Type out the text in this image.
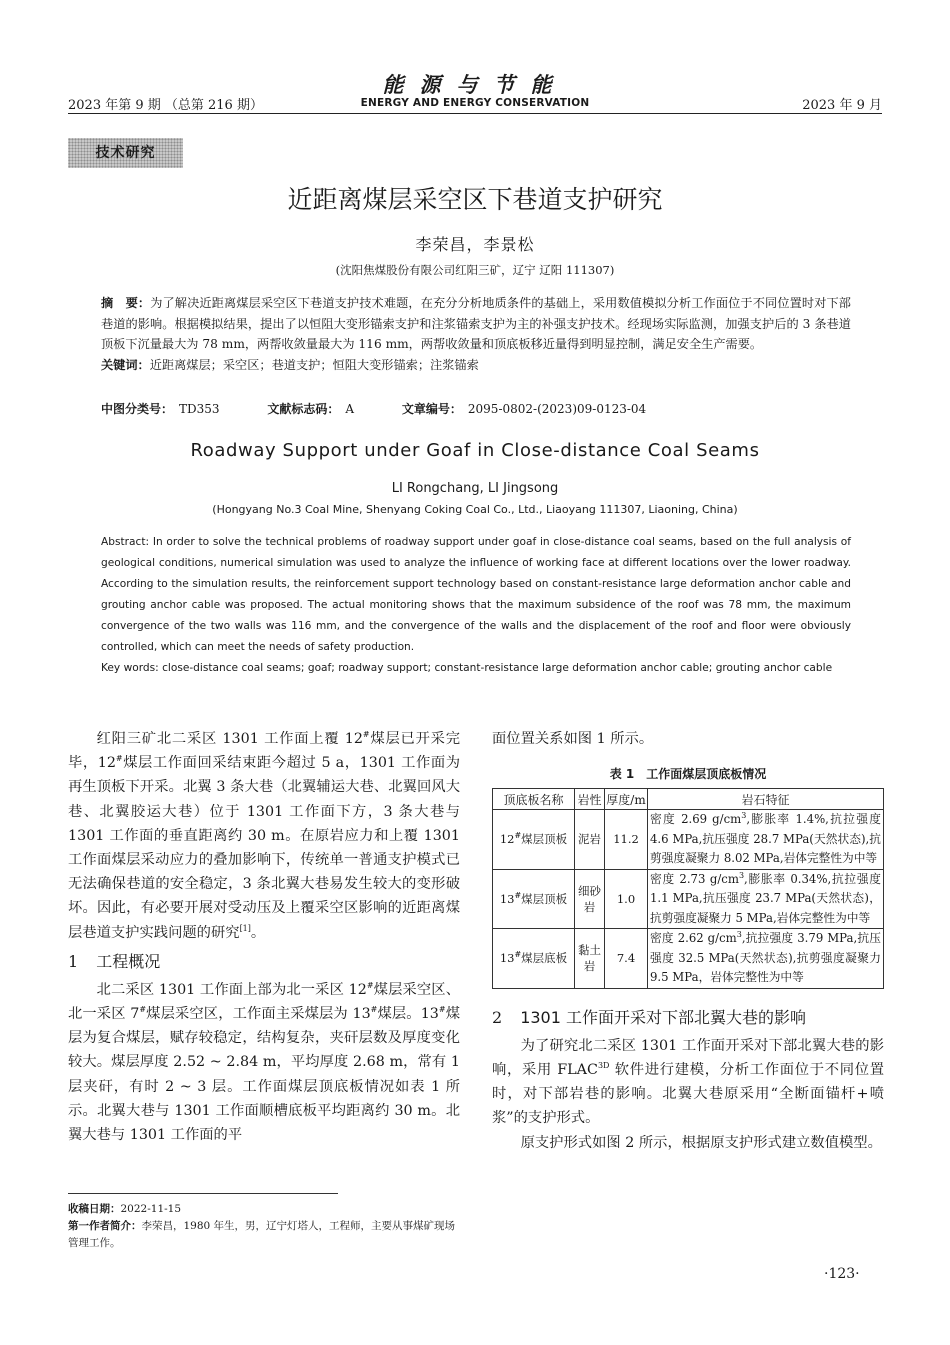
2023 年第 9 期 （总第 216 期）
能源与节能
ENERGY AND ENERGY CONSERVATION	2023 年 9 月
技术研究
近距离煤层采空区下巷道支护研究
李荣昌，李景松
(沈阳焦煤股份有限公司红阳三矿，辽宁 辽阳 111307)
摘　要：为了解决近距离煤层采空区下巷道支护技术难题，在充分分析地质条件的基础上，采用数值模拟分析工作面位于不同位置时对下部巷道的影响。根据模拟结果，提出了以恒阻大变形锚索支护和注浆锚索支护为主的补强支护技术。经现场实际监测，加强支护后的 3 条巷道顶板下沉量最大为 78 mm，两帮收敛量最大为 116 mm，两帮收敛量和顶底板移近量得到明显控制，满足安全生产需要。
关键词：近距离煤层；采空区；巷道支护；恒阻大变形锚索；注浆锚索
中图分类号： TD353	文献标志码： A	文章编号： 2095-0802-(2023)09-0123-04
Roadway Support under Goaf in Close-distance Coal Seams
LI Rongchang, LI Jingsong
(Hongyang No.3 Coal Mine, Shenyang Coking Coal Co., Ltd., Liaoyang 111307, Liaoning, China)
Abstract: In order to solve the technical problems of roadway support under goaf in close-distance coal seams, based on the full analysis of geological conditions, numerical simulation was used to analyze the influence of working face at different locations over the lower roadway. According to the simulation results, the reinforcement support technology based on constant-resistance large deformation anchor cable and grouting anchor cable was proposed. The actual monitoring shows that the maximum subsidence of the roof was 78 mm, the maximum convergence of the two walls was 116 mm, and the convergence of the walls and the displacement of the roof and floor were obviously controlled, which can meet the needs of safety production.
Key words: close-distance coal seams; goaf; roadway support; constant-resistance large deformation anchor cable; grouting anchor cable

红阳三矿北二采区 1301 工作面上覆 12#煤层已开采完毕，12#煤层工作面回采结束距今超过 5 a，1301 工作面为再生顶板下开采。北翼 3 条大巷（北翼辅运大巷、北翼回风大巷、北翼胶运大巷）位于 1301 工作面下方，3 条大巷与 1301 工作面的垂直距离约 30 m。在原岩应力和上覆 1301 工作面煤层采动应力的叠加影响下，传统单一普通支护模式已无法确保巷道的安全稳定，3 条北翼大巷易发生较大的变形破坏。因此，有必要开展对受动压及上覆采空区影响的近距离煤层巷道支护实践问题的研究[1]。

1 工程概况

北二采区 1301 工作面上部为北一采区 12#煤层采空区、北一采区 7#煤层采空区，工作面主采煤层为 13#煤层。13#煤层为复合煤层，赋存较稳定，结构复杂，夹矸层数及厚度变化较大。煤层厚度 2.52 ~ 2.84 m，平均厚度 2.68 m，常有 1 层夹矸，有时 2 ~ 3 层。工作面煤层顶底板情况如表 1 所示。北翼大巷与 1301 工作面顺槽底板平均距离约 30 m。北翼大巷与 1301 工作面的平

面位置关系如图 1 所示。

表 1　工作面煤层顶底板情况
顶底板名称	岩性	厚度/m	岩石特征
12#煤层顶板	泥岩	11.2	密度 2.69 $g/cm^3$,膨胀率 1.4%,抗拉强度 4.6 MPa,抗压强度 28.7 MPa(天然状态),抗剪强度凝聚力 8.02 MPa,岩体完整性为中等
13#煤层顶板	细砂岩	1.0	密度 2.73 $g/cm^3$,膨胀率 0.34%,抗拉强度 1.1 MPa,抗压强度 23.7 MPa(天然状态)，抗剪强度凝聚力 5 MPa,岩体完整性为中等
13#煤层底板	黏土岩	7.4	密度 2.62 $g/cm^3$,抗拉强度 3.79 MPa,抗压强度 32.5 MPa(天然状态),抗剪强度凝聚力 9.5 MPa，岩体完整性为中等
2 1301 工作面开采对下部北翼大巷的影响

为了研究北二采区 1301 工作面开采对下部北翼大巷的影响，采用 $FLAC^{3D}$ 软件进行建模，分析工作面位于不同位置时，对下部岩巷的影响。北翼大巷原采用“全断面锚杆+喷浆”的支护形式。

原支护形式如图 2 所示，根据原支护形式建立数值模型。

收稿日期：2022-11-15
第一作者简介：李荣昌，1980 年生，男，辽宁灯塔人，工程师，主要从事煤矿现场管理工作。
·123·
